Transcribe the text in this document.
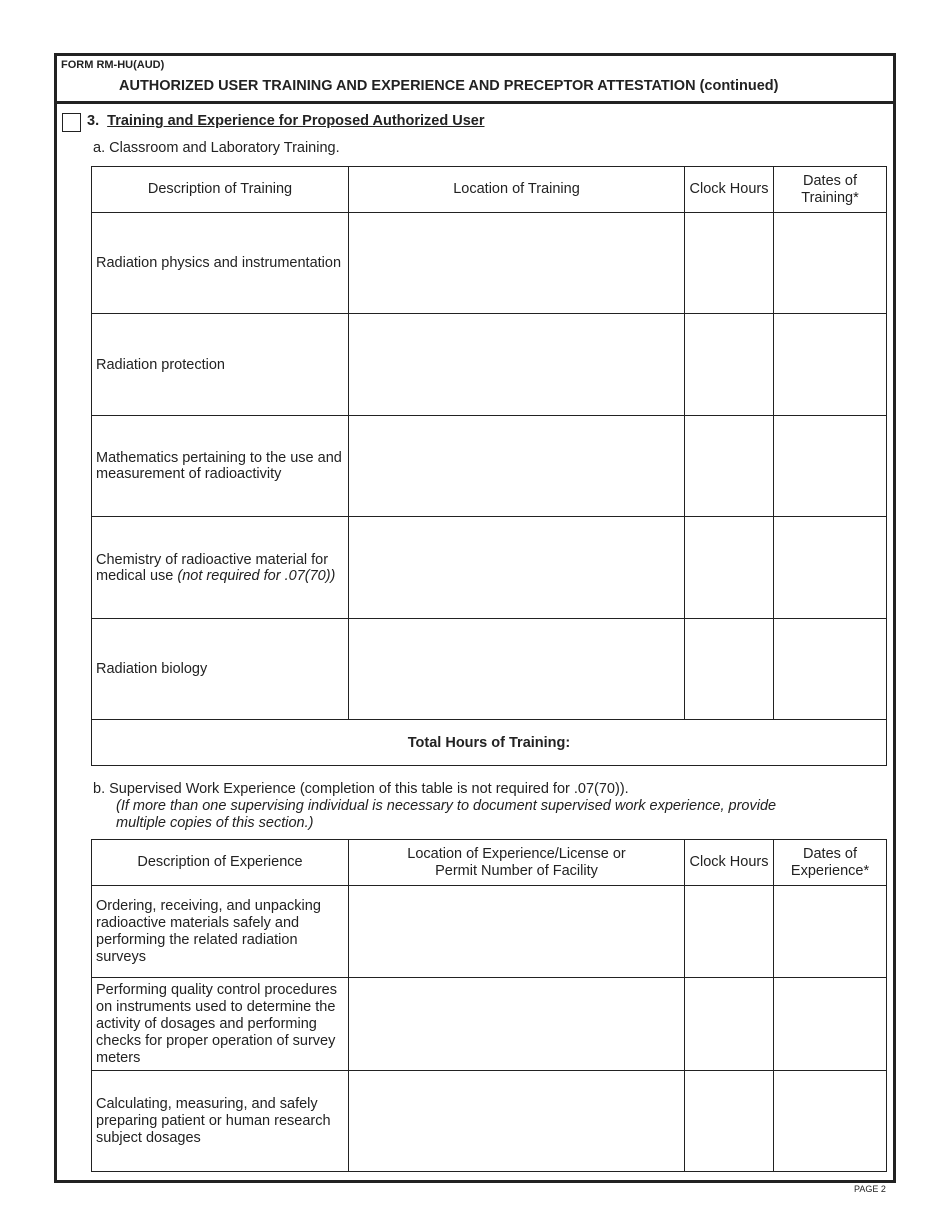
FORM RM-HU(AUD)
AUTHORIZED USER TRAINING AND EXPERIENCE AND PRECEPTOR ATTESTATION (continued)
3. Training and Experience for Proposed Authorized User
a. Classroom and Laboratory Training.
Description of Training	Location of Training	Clock Hours	Dates of Training*
Radiation physics and instrumentation			
Radiation protection			
Mathematics pertaining to the use and measurement of radioactivity			
Chemistry of radioactive material for medical use (not required for .07(70))			
Radiation biology			
Total Hours of Training:			
b. Supervised Work Experience (completion of this table is not required for .07(70)).
(If more than one supervising individual is necessary to document supervised work experience, provide multiple copies of this section.)
Description of Experience	Location of Experience/License or Permit Number of Facility	Clock Hours	Dates of Experience*
Ordering, receiving, and unpacking radioactive materials safely and performing the related radiation surveys			
Performing quality control procedures on instruments used to determine the activity of dosages and performing checks for proper operation of survey meters			
Calculating, measuring, and safely preparing patient or human research subject dosages			
PAGE 2
